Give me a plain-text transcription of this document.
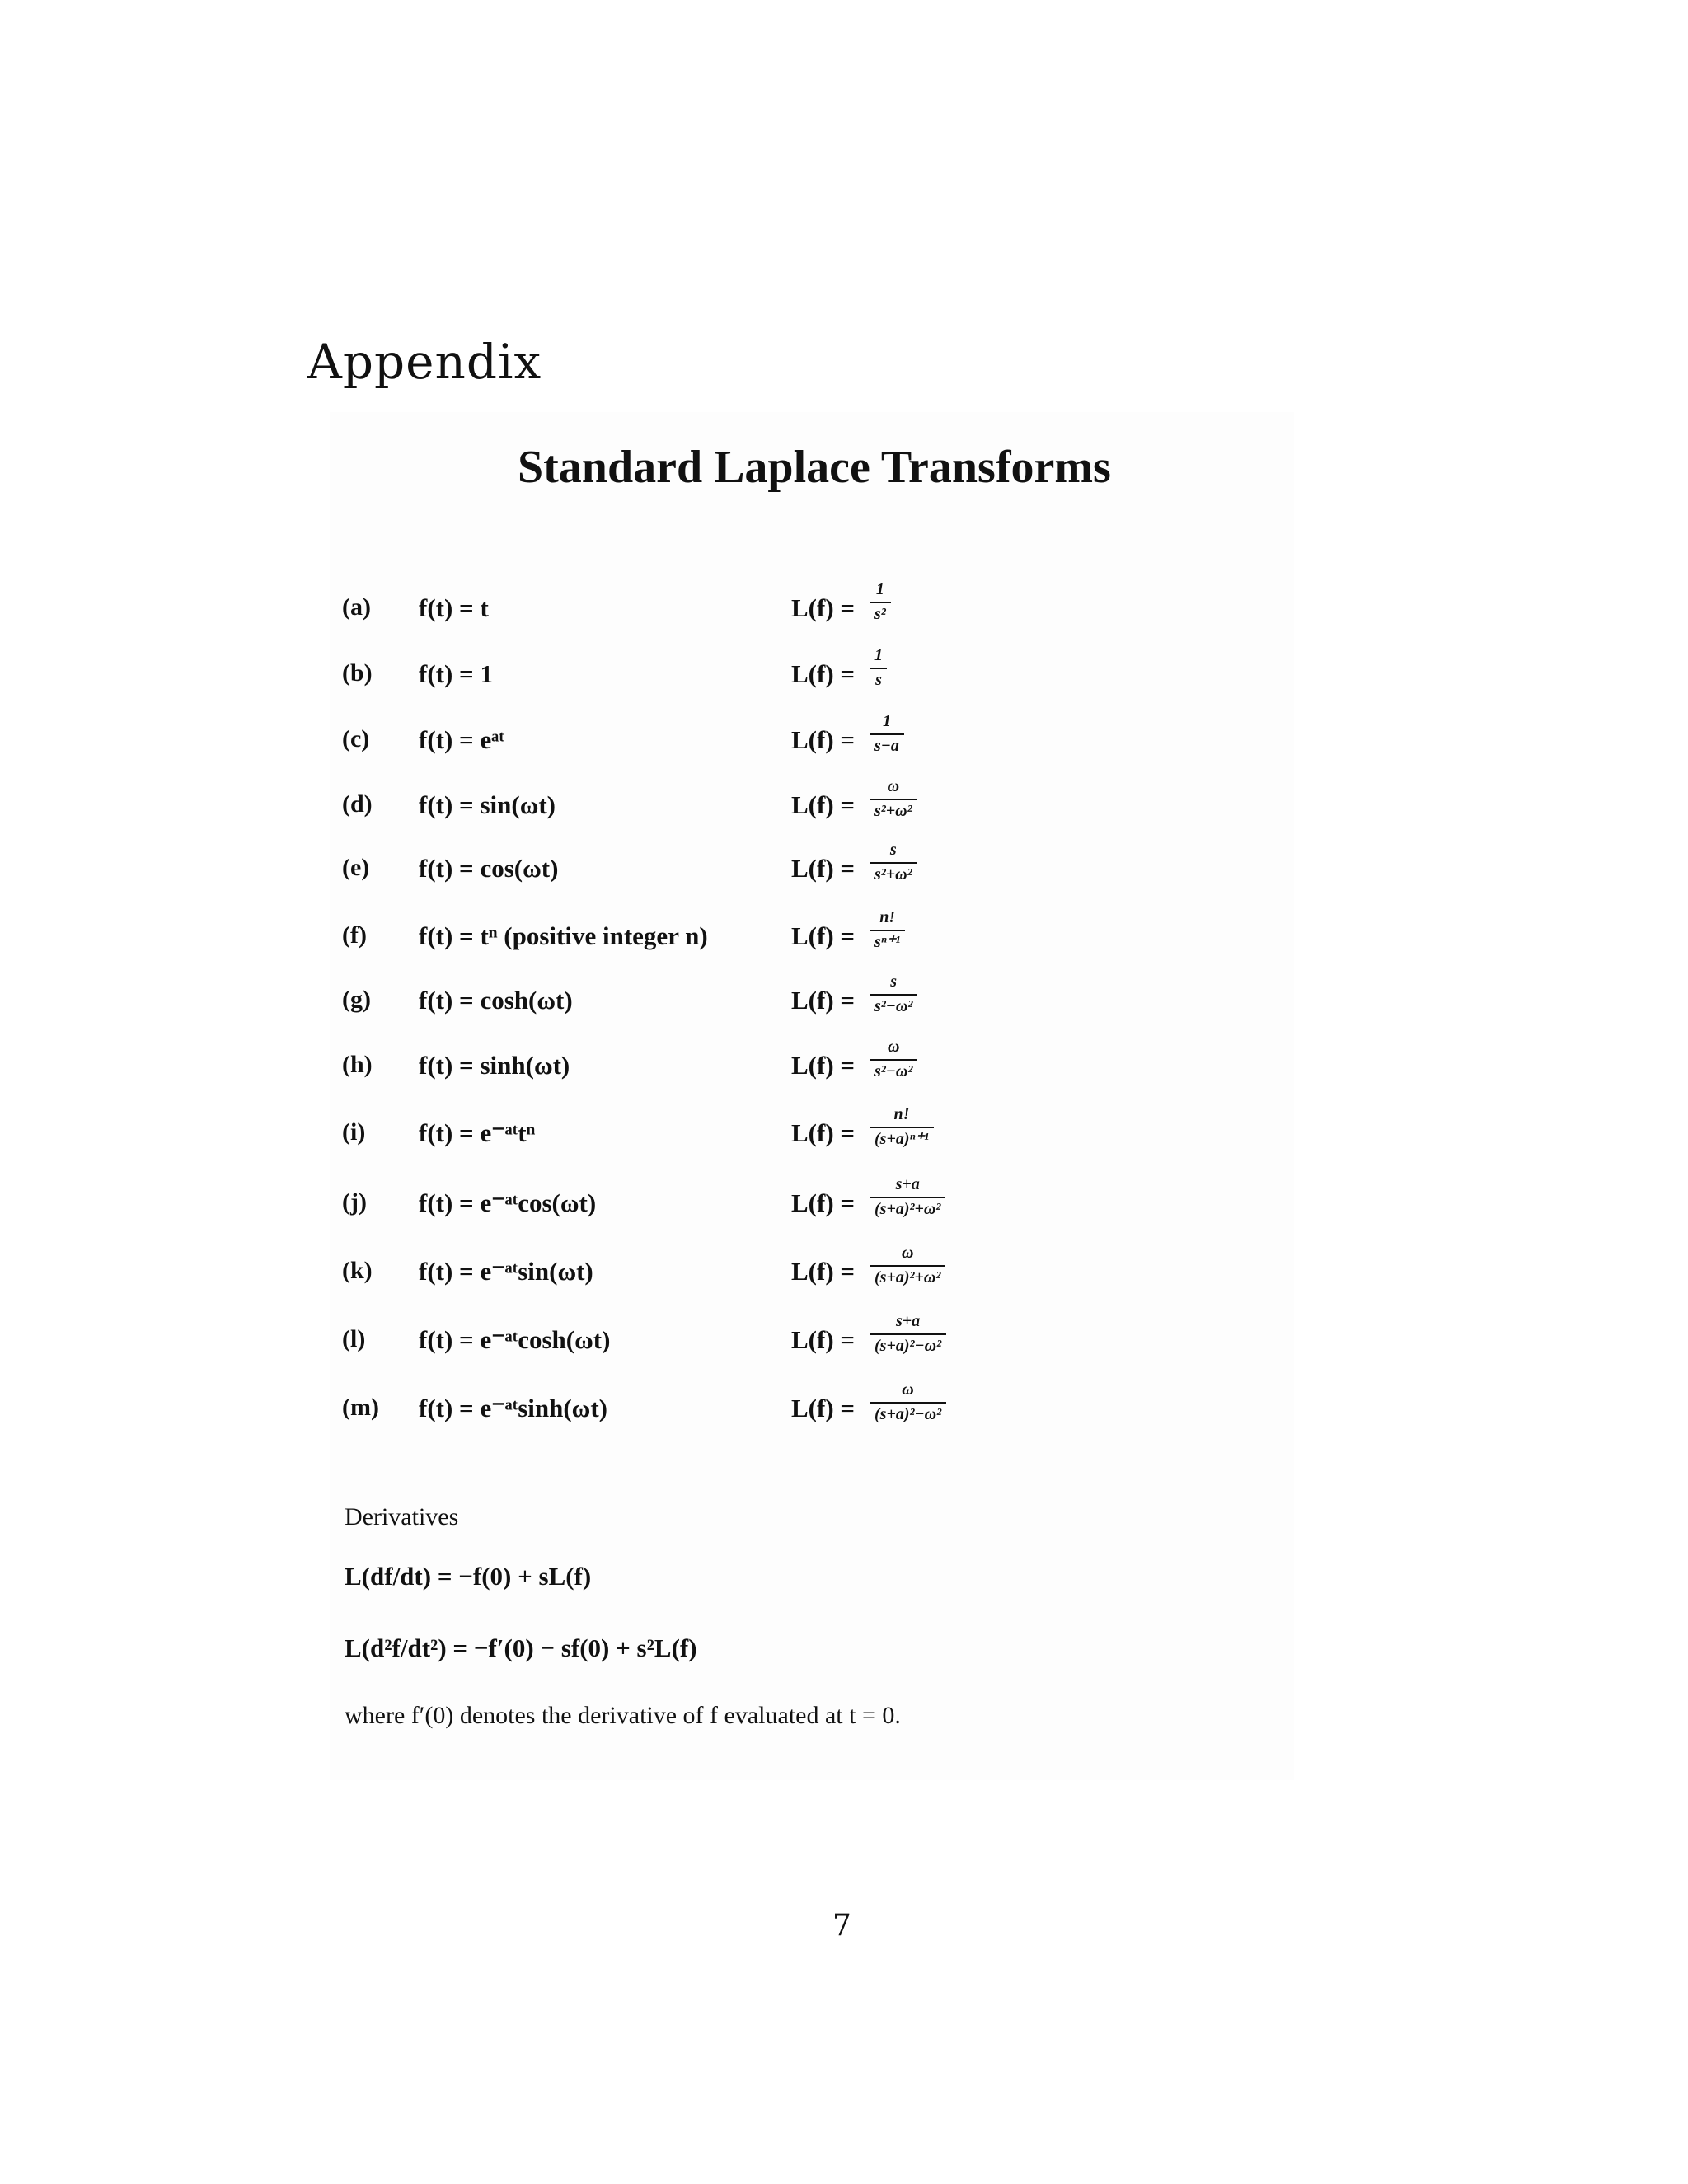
Appendix
Standard Laplace Transforms
(a) f(t) = t	$L(f) = \frac{1}{\text{s²}}$
(b) f(t) = 1	$L(f) = \frac{1}{s}$
(c) f(t) = eᵃᵗ	$L(f) = \frac{1}{s-a}$
(d) f(t) = sin(ωt)	$L(f) = \frac{\omega}{\text{s²+ω²}}$
(e) f(t) = cos(ωt)	$L(f) = \frac{s}{\text{s²+ω²}}$
(f) f(t) = tⁿ (positive integer n)	$L(f) = \frac{n!}{\text{sⁿ⁺¹}}$
(g) f(t) = cosh(ωt)	$L(f) = \frac{s}{\text{s²−ω²}}$
(h) f(t) = sinh(ωt)	$L(f) = \frac{\omega}{\text{s²−ω²}}$
(i) f(t) = e⁻ᵃᵗtⁿ	$L(f) = \frac{n!}{\text{(s+a)ⁿ⁺¹}}$
(j) f(t) = e⁻ᵃᵗcos(ωt)	$L(f) = \frac{s+a}{\text{(s+a)²+ω²}}$
(k) f(t) = e⁻ᵃᵗsin(ωt)	$L(f) = \frac{\omega}{\text{(s+a)²+ω²}}$
(l) f(t) = e⁻ᵃᵗcosh(ωt)	$L(f) = \frac{s+a}{\text{(s+a)²−ω²}}$
(m) f(t) = e⁻ᵃᵗsinh(ωt)	$L(f) = \frac{\omega}{\text{(s+a)²−ω²}}$
Derivatives
L(df/dt) = −f(0) + sL(f)
L(d²f/dt²) = −f′(0) − sf(0) + s²L(f)
where f′(0) denotes the derivative of f evaluated at t = 0.
7
